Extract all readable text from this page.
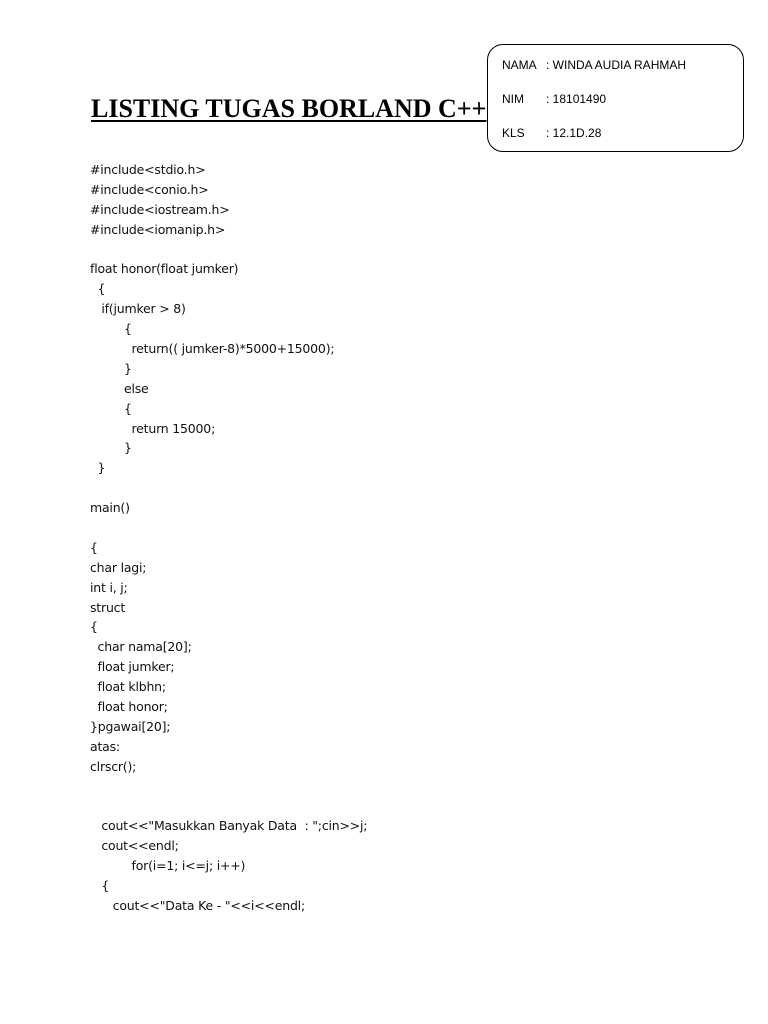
LISTING TUGAS BORLAND C++
NAMA : WINDA AUDIA RAHMAH
NIM : 18101490
KLS : 12.1D.28
#include<stdio.h>
#include<conio.h>
#include<iostream.h>
#include<iomanip.h>
float honor(float jumker)
{
if(jumker > 8)
{
return(( jumker-8)*5000+15000);
}
else
{
return 15000;
}
}
main()
{
char lagi;
int i, j;
struct
{
char nama[20];
float jumker;
float klbhn;
float honor;
}pgawai[20];
atas:
clrscr();
cout<<"Masukkan Banyak Data  : ";cin>>j;
cout<<endl;
for(i=1; i<=j; i++)
{
cout<<"Data Ke - "<<i<<endl;
